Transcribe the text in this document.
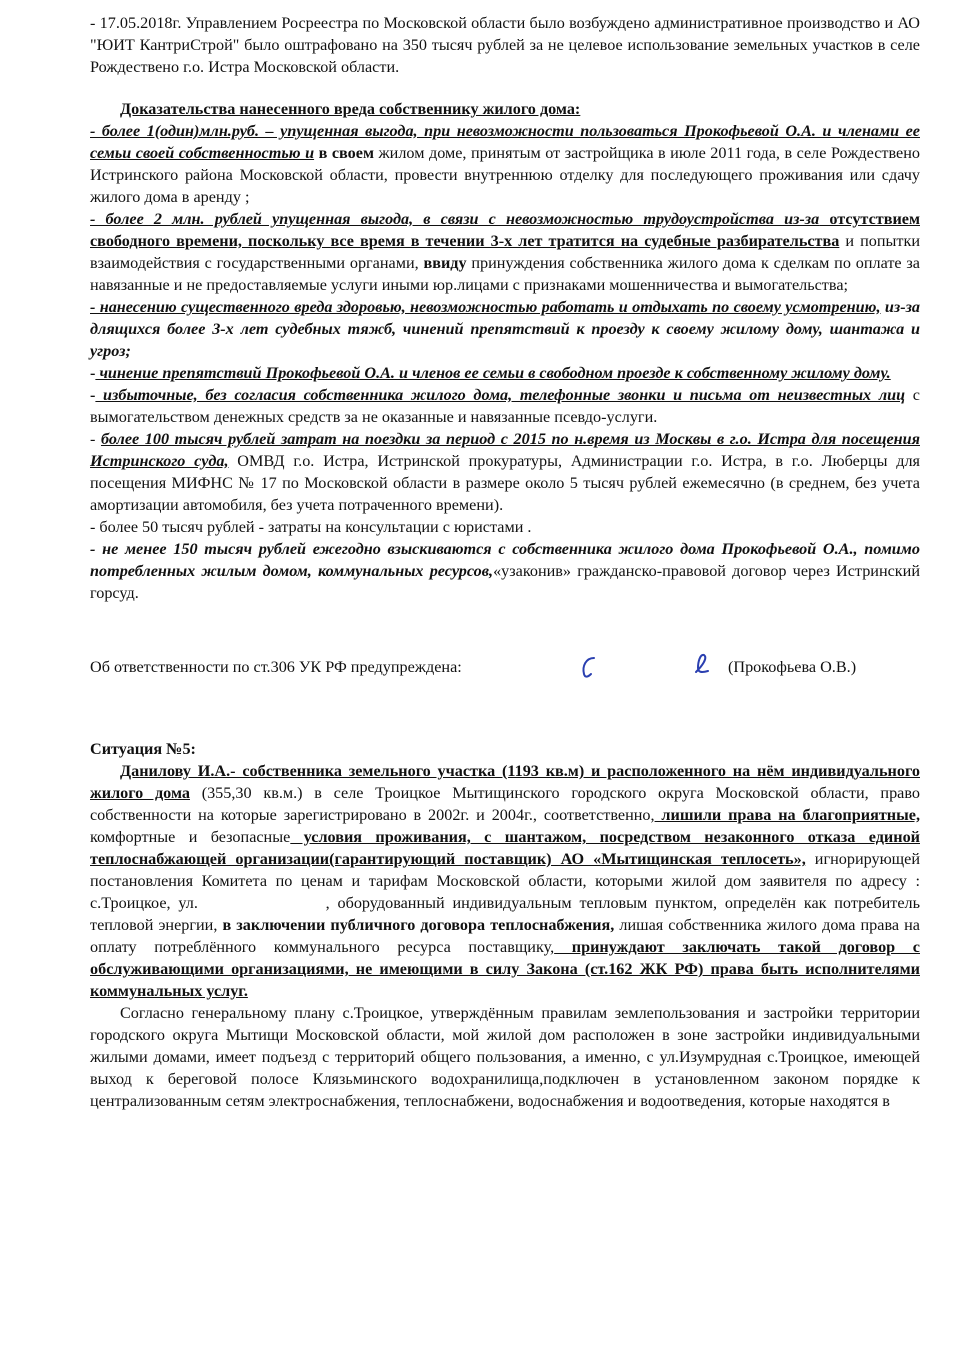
- 17.05.2018г. Управлением Росреестра по Московской области было возбуждено административное производство и АО "ЮИТ КантриСтрой" было оштрафовано на 350 тысяч рублей за не целевое использование земельных участков в селе Рождествено г.о. Истра Московской области.

Доказательства нанесенного вреда собственнику жилого дома:

- более 1(один)млн.руб. – упущенная выгода, при невозможности пользоваться Прокофьевой О.А. и членами ее семьи своей собственностью и в своем жилом доме, принятым от застройщика в июле 2011 года, в селе Рождествено Истринского района Московской области, провести внутреннюю отделку для последующего проживания или сдачу жилого дома в аренду ;

- более 2 млн. рублей упущенная выгода, в связи с невозможностью трудоустройства из-за отсутствием свободного времени, поскольку все время в течении 3-х лет тратится на судебные разбирательства и попытки взаимодействия с государственными органами, ввиду принуждения собственника жилого дома к сделкам по оплате за навязанные и не предоставляемые услуги иными юр.лицами с признаками мошенничества и вымогательства;

- нанесению существенного вреда здоровью, невозможностью работать и отдыхать по своему усмотрению, из-за длящихся более 3-х лет судебных тяжб, чинений препятствий к проезду к своему жилому дому, шантажа и угроз;

- чинение препятствий Прокофьевой О.А. и членов ее семьи в свободном проезде к собственному жилому дому.

- избыточные, без согласия собственника жилого дома, телефонные звонки и письма от неизвестных лиц с вымогательством денежных средств за не оказанные и навязанные псевдо-услуги.

- более 100 тысяч рублей затрат на поездки за период с 2015 по н.время из Москвы в г.о. Истра для посещения Истринского суда, ОМВД г.о. Истра, Истринской прокуратуры, Администрации г.о. Истра, в г.о. Люберцы для посещения МИФНС № 17 по Московской области в размере около 5 тысяч рублей ежемесячно (в среднем, без учета амортизации автомобиля, без учета потраченного времени).

- более 50 тысяч рублей - затраты на консультации с юристами .

- не менее 150 тысяч рублей ежегодно взыскиваются с собственника жилого дома Прокофьевой О.А., помимо потребленных жилым домом, коммунальных ресурсов,«узаконив» гражданско-правовой договор через Истринский горсуд.

Об ответственности по ст.306 УК РФ предупреждена:	(Прокофьева О.В.)

Ситуация №5:

Данилову И.А.- собственника земельного участка (1193 кв.м) и расположенного на нём индивидуального жилого дома (355,30 кв.м.) в селе Троицкое Мытищинского городского округа Московской области, право собственности на которые зарегистрировано в 2002г. и 2004г., соответственно, лишили права на благоприятные, комфортные и безопасные условия проживания, с шантажом, посредством незаконного отказа единой теплоснабжающей организации(гарантирующий поставщик) АО «Мытищинская теплосеть», игнорирующей постановления Комитета по ценам и тарифам Московской области, которыми жилой дом заявителя по адресу : с.Троицкое, ул.	, оборудованный индивидуальным тепловым пунктом, определён как потребитель тепловой энергии, в заключении публичного договора теплоснабжения, лишая собственника жилого дома права на оплату потреблённого коммунального ресурса поставщику, принуждают заключать такой договор с обслуживающими организациями, не имеющими в силу Закона (ст.162 ЖК РФ) права быть исполнителями коммунальных услуг.

Согласно генеральному плану с.Троицкое, утверждённым правилам землепользования и застройки территории городского округа Мытищи Московской области, мой жилой дом расположен в зоне застройки индивидуальными жилыми домами, имеет подъезд с территорий общего пользования, а именно, с ул.Изумрудная с.Троицкое, имеющей выход к береговой полосе Клязьминского водохранилища,подключен в установленном законом порядке к централизованным сетям электроснабжения, теплоснабжени, водоснабжения и водоотведения, которые находятся в
